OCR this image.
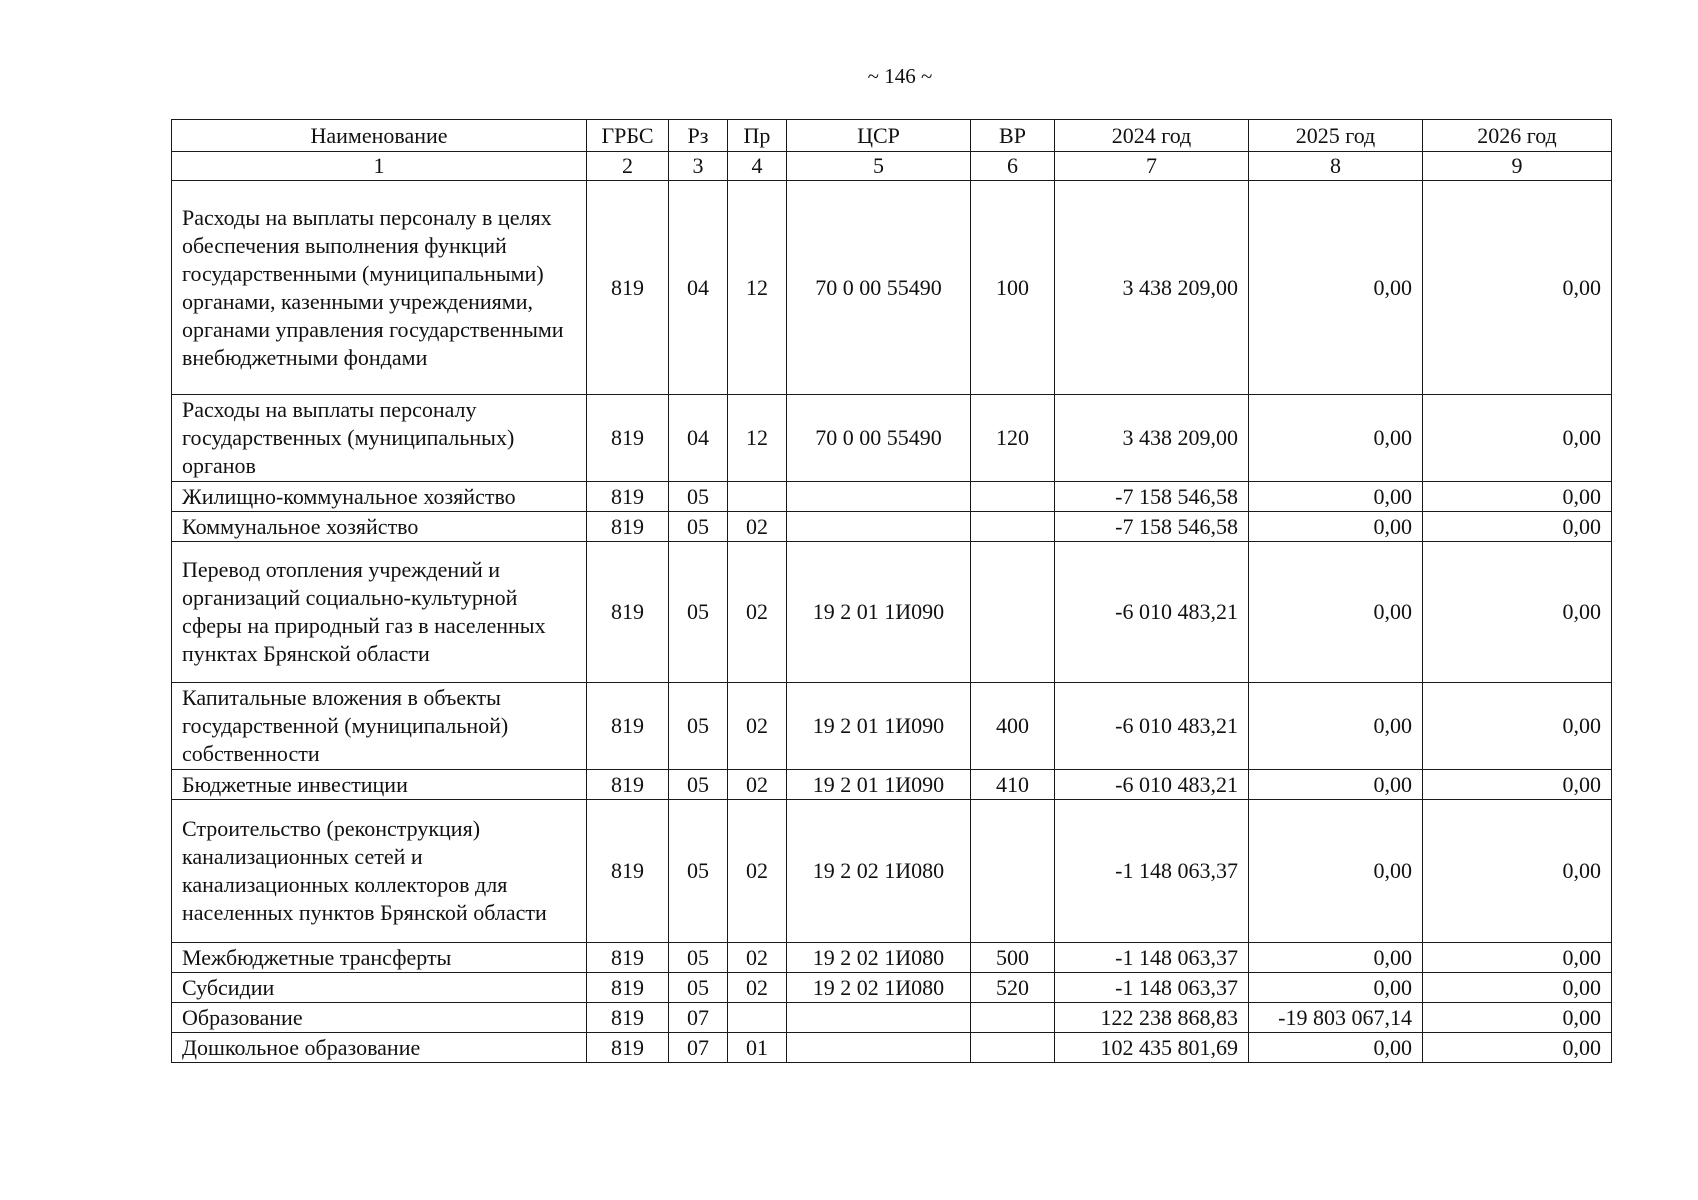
~ 146 ~
Наименование	ГРБС	Рз	Пр	ЦСР	ВР	2024 год	2025 год	2026 год
1	2	3	4	5	6	7	8	9
Расходы на выплаты персоналу в целях обеспечения выполнения функций государственными (муниципальными) органами, казенными учреждениями, органами управления государственными внебюджетными фондами	819	04	12	70 0 00 55490	100	3 438 209,00	0,00	0,00
Расходы на выплаты персоналу государственных (муниципальных) органов	819	04	12	70 0 00 55490	120	3 438 209,00	0,00	0,00
Жилищно-коммунальное хозяйство	819	05				-7 158 546,58	0,00	0,00
Коммунальное хозяйство	819	05	02			-7 158 546,58	0,00	0,00
Перевод отопления учреждений и организаций социально-культурной сферы на природный газ в населенных пунктах Брянской области	819	05	02	19 2 01 1И090		-6 010 483,21	0,00	0,00
Капитальные вложения в объекты государственной (муниципальной) собственности	819	05	02	19 2 01 1И090	400	-6 010 483,21	0,00	0,00
Бюджетные инвестиции	819	05	02	19 2 01 1И090	410	-6 010 483,21	0,00	0,00
Строительство (реконструкция) канализационных сетей и канализационных коллекторов для населенных пунктов Брянской области	819	05	02	19 2 02 1И080		-1 148 063,37	0,00	0,00
Межбюджетные трансферты	819	05	02	19 2 02 1И080	500	-1 148 063,37	0,00	0,00
Субсидии	819	05	02	19 2 02 1И080	520	-1 148 063,37	0,00	0,00
Образование	819	07				122 238 868,83	-19 803 067,14	0,00
Дошкольное образование	819	07	01			102 435 801,69	0,00	0,00
